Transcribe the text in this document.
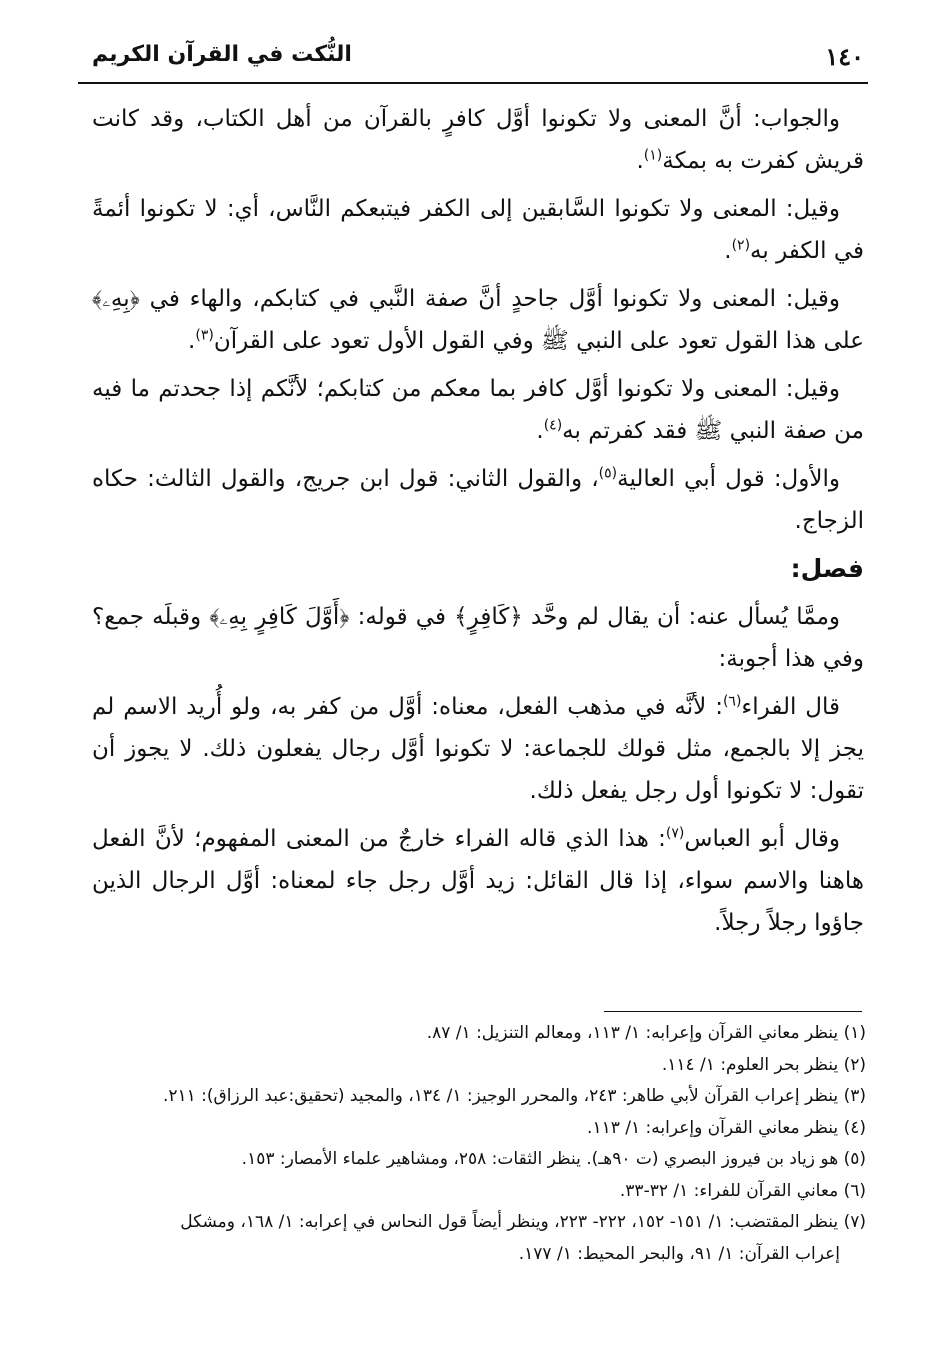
١٤٠
النُّكت في القرآن الكريم

والجواب: أنَّ المعنى ولا تكونوا أوَّل كافرٍ بالقرآن من أهل الكتاب، وقد كانت قريش كفرت به بمكة$^{(١)}$.

وقيل: المعنى ولا تكونوا السَّابقين إلى الكفر فيتبعكم النَّاس، أي: لا تكونوا أئمةً في الكفر به$^{(٢)}$.

وقيل: المعنى ولا تكونوا أوَّل جاحدٍ أنَّ صفة النَّبي في كتابكم، والهاء في ﴿بِهِۦ﴾ على هذا القول تعود على النبي ﷺ وفي القول الأول تعود على القرآن$^{(٣)}$.

وقيل: المعنى ولا تكونوا أوَّل كافر بما معكم من كتابكم؛ لأنَّكم إذا جحدتم ما فيه من صفة النبي ﷺ فقد كفرتم به$^{(٤)}$.

والأول: قول أبي العالية$^{(٥)}$، والقول الثاني: قول ابن جريج، والقول الثالث: حكاه الزجاج.

فصل:

وممَّا يُسأل عنه: أن يقال لم وحَّد ﴿كَافِرٍ﴾ في قوله: ﴿أَوَّلَ كَافِرٍ بِهِۦ﴾ وقبلَه جمع؟ وفي هذا أجوبة:

قال الفراء$^{(٦)}$: لأنَّه في مذهب الفعل، معناه: أوَّل من كفر به، ولو أُريد الاسم لم يجز إلا بالجمع، مثل قولك للجماعة: لا تكونوا أوَّل رجال يفعلون ذلك. لا يجوز أن تقول: لا تكونوا أول رجل يفعل ذلك.

وقال أبو العباس$^{(٧)}$: هذا الذي قاله الفراء خارجٌ من المعنى المفهوم؛ لأنَّ الفعل هاهنا والاسم سواء، إذا قال القائل: زيد أوَّل رجل جاء لمعناه: أوَّل الرجال الذين جاؤوا رجلاً رجلاً.

(١) ينظر معاني القرآن وإعرابه: ١/ ١١٣، ومعالم التنزيل: ١/ ٨٧.

(٢) ينظر بحر العلوم: ١/ ١١٤.

(٣) ينظر إعراب القرآن لأبي طاهر: ٢٤٣، والمحرر الوجيز: ١/ ١٣٤، والمجيد (تحقيق:عبد الرزاق): ٢١١.

(٤) ينظر معاني القرآن وإعرابه: ١/ ١١٣.

(٥) هو زياد بن فيروز البصري (ت ٩٠هـ). ينظر الثقات: ٢٥٨، ومشاهير علماء الأمصار: ١٥٣.

(٦) معاني القرآن للفراء: ١/ ٣٢-٣٣.

(٧) ينظر المقتضب: ١/ ١٥١- ١٥٢، ٢٢٢- ٢٢٣، وينظر أيضاً قول النحاس في إعرابه: ١/ ١٦٨، ومشكل
إعراب القرآن: ١/ ٩١، والبحر المحيط: ١/ ١٧٧.
